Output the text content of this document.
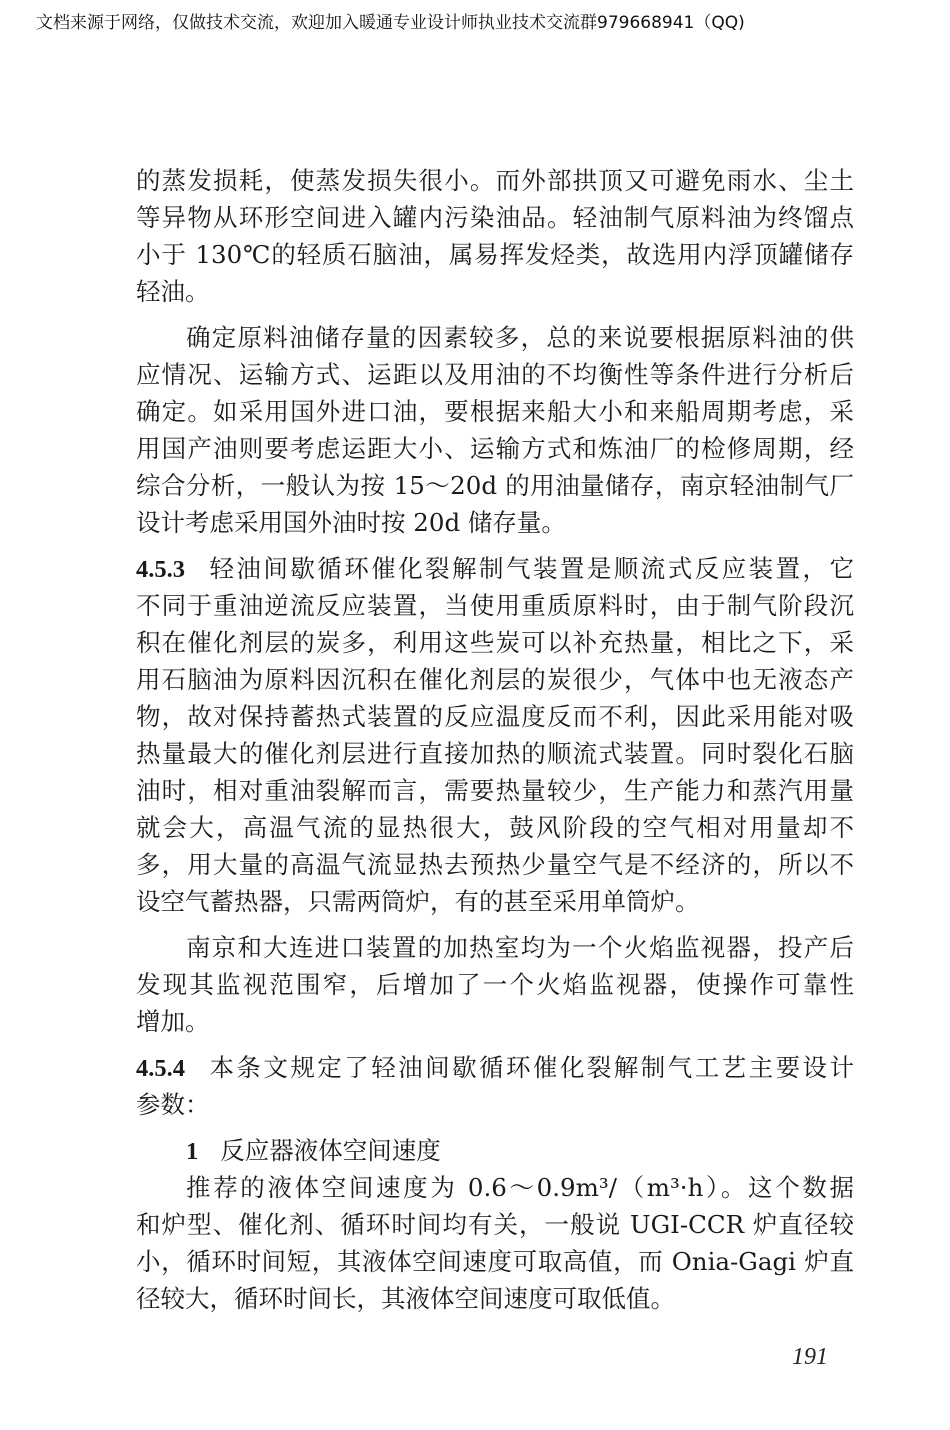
文档来源于网络，仅做技术交流，欢迎加入暖通专业设计师执业技术交流群979668941（QQ)
的蒸发损耗，使蒸发损失很小。而外部拱顶又可避免雨水、尘土
等异物从环形空间进入罐内污染油品。轻油制气原料油为终馏点
小于 130℃的轻质石脑油，属易挥发烃类，故选用内浮顶罐储存
轻油。
确定原料油储存量的因素较多，总的来说要根据原料油的供
应情况、运输方式、运距以及用油的不均衡性等条件进行分析后
确定。如采用国外进口油，要根据来船大小和来船周期考虑，采
用国产油则要考虑运距大小、运输方式和炼油厂的检修周期，经
综合分析，一般认为按 15～20d 的用油量储存，南京轻油制气厂
设计考虑采用国外油时按 20d 储存量。
4.5.3 轻油间歇循环催化裂解制气装置是顺流式反应装置，它
不同于重油逆流反应装置，当使用重质原料时，由于制气阶段沉
积在催化剂层的炭多，利用这些炭可以补充热量，相比之下，采
用石脑油为原料因沉积在催化剂层的炭很少，气体中也无液态产
物，故对保持蓄热式装置的反应温度反而不利，因此采用能对吸
热量最大的催化剂层进行直接加热的顺流式装置。同时裂化石脑
油时，相对重油裂解而言，需要热量较少，生产能力和蒸汽用量
就会大，高温气流的显热很大，鼓风阶段的空气相对用量却不
多，用大量的高温气流显热去预热少量空气是不经济的，所以不
设空气蓄热器，只需两筒炉，有的甚至采用单筒炉。
南京和大连进口装置的加热室均为一个火焰监视器，投产后
发现其监视范围窄，后增加了一个火焰监视器，使操作可靠性
增加。
4.5.4 本条文规定了轻油间歇循环催化裂解制气工艺主要设计
参数：
1 反应器液体空间速度
推荐的液体空间速度为 0.6～0.9m³/（m³·h）。这个数据
和炉型、催化剂、循环时间均有关，一般说 UGI-CCR 炉直径较
小，循环时间短，其液体空间速度可取高值，而 Onia-Gagi 炉直
径较大，循环时间长，其液体空间速度可取低值。
191
